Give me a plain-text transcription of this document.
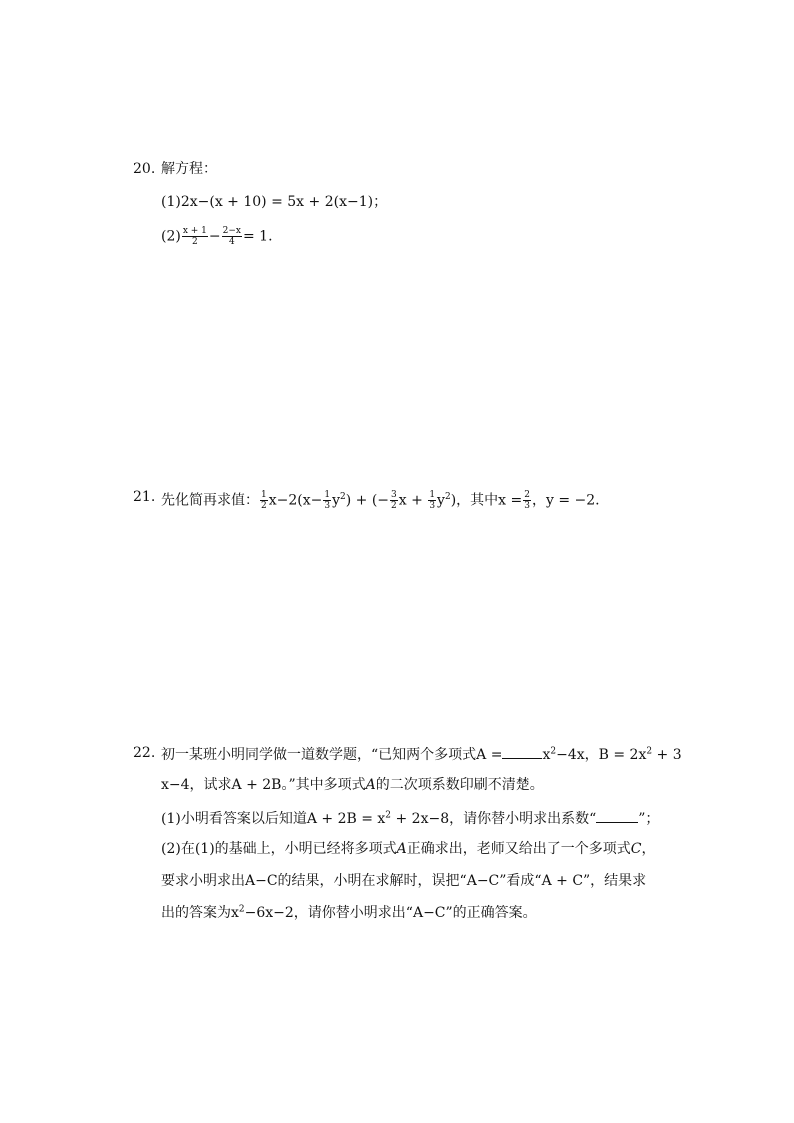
20. 解方程：
(1)2x−(x + 10) = 5x + 2(x−1)；
$(2) \frac{x + 1}{2} - \frac{2-x}{4} = 1$.
21. 先化简再求值： $\frac{1}{2} x-2(x- \frac{1}{3} y^2)$ + (− $\frac{3}{2}$ $x + \frac{1}{3} y^2$)，其中$x = \frac{2}{3}$ ，y = −2.
22. 初一某班小明同学做一道数学题，“已知两个多项式A =	$x^2-4x$，$B = 2x^2 + 3$
x−4，试求A + 2B。”其中多项式A的二次项系数印刷不清楚。
(1)小明看答案以后知道$A + 2B = x^2 + 2x-8$，请你替小明求出系数“	”；
(2)在(1)的基础上，小明已经将多项式A正确求出，老师又给出了一个多项式C，
要求小明求出A−C的结果，小明在求解时，误把“A−C”看成“A + C”，结果求
出的答案为$x^2-6x-2$，请你替小明求出“A−C”的正确答案。
